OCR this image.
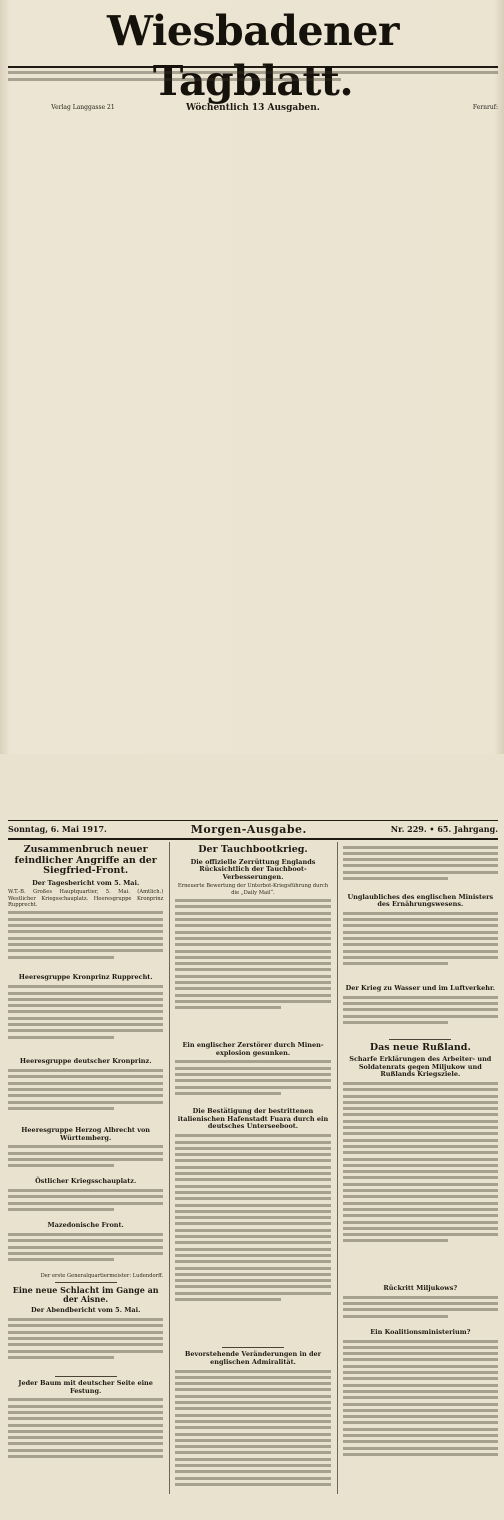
Wiesbadener Tagblatt.
Verlag Langgasse 21	Wöchentlich 13 Ausgaben.	Fernruf:
Sonntag, 6. Mai 1917.	Morgen-Ausgabe.	Nr. 229. • 65. Jahrgang.
Zusammenbruch neuer feindlicher Angriffe an der Siegfried-Front.
Der Tagesbericht vom 5. Mai.
W.T.-B. Großes Hauptquartier, 5. Mai. (Amtlich.) Westlicher Kriegsschauplatz. Heeresgruppe Kronprinz Rupprecht.
Heeresgruppe Kronprinz Rupprecht.
Heeresgruppe deutscher Kronprinz.
Heeresgruppe Herzog Albrecht von Württemberg.
Östlicher Kriegsschauplatz.
Mazedonische Front.
Der erste Generalquartiermeister: Ludendorff.
Eine neue Schlacht im Gange an der Aisne.
Der Abendbericht vom 5. Mai.
Jeder Baum mit deutscher Seite eine Festung.
Der Tauchbootkrieg.
Die offizielle Zerrüttung Englands Rücksichtlich der Tauchboot-Verbesserungen.
Erneuerte Bewertung der Unterbot-Kriegsführung durch die „Daily Mail“.
Ein englischer Zerstörer durch Minen-explosion gesunken.
Die Bestätigung der bestrittenen italienischen Hafenstadt Fuara durch ein deutsches Unterseeboot.
Bevorstehende Veränderungen in der englischen Admiralität.
Unglaubliches des englischen Ministers des Ernährungswesens.
Der Krieg zu Wasser und im Luftverkehr.
Das neue Rußland.
Scharfe Erklärungen des Arbeiter- und Soldatenrats gegen Miljukow und Rußlands Kriegsziele.
Rückritt Miljukows?
Ein Koalitionsministerium?
